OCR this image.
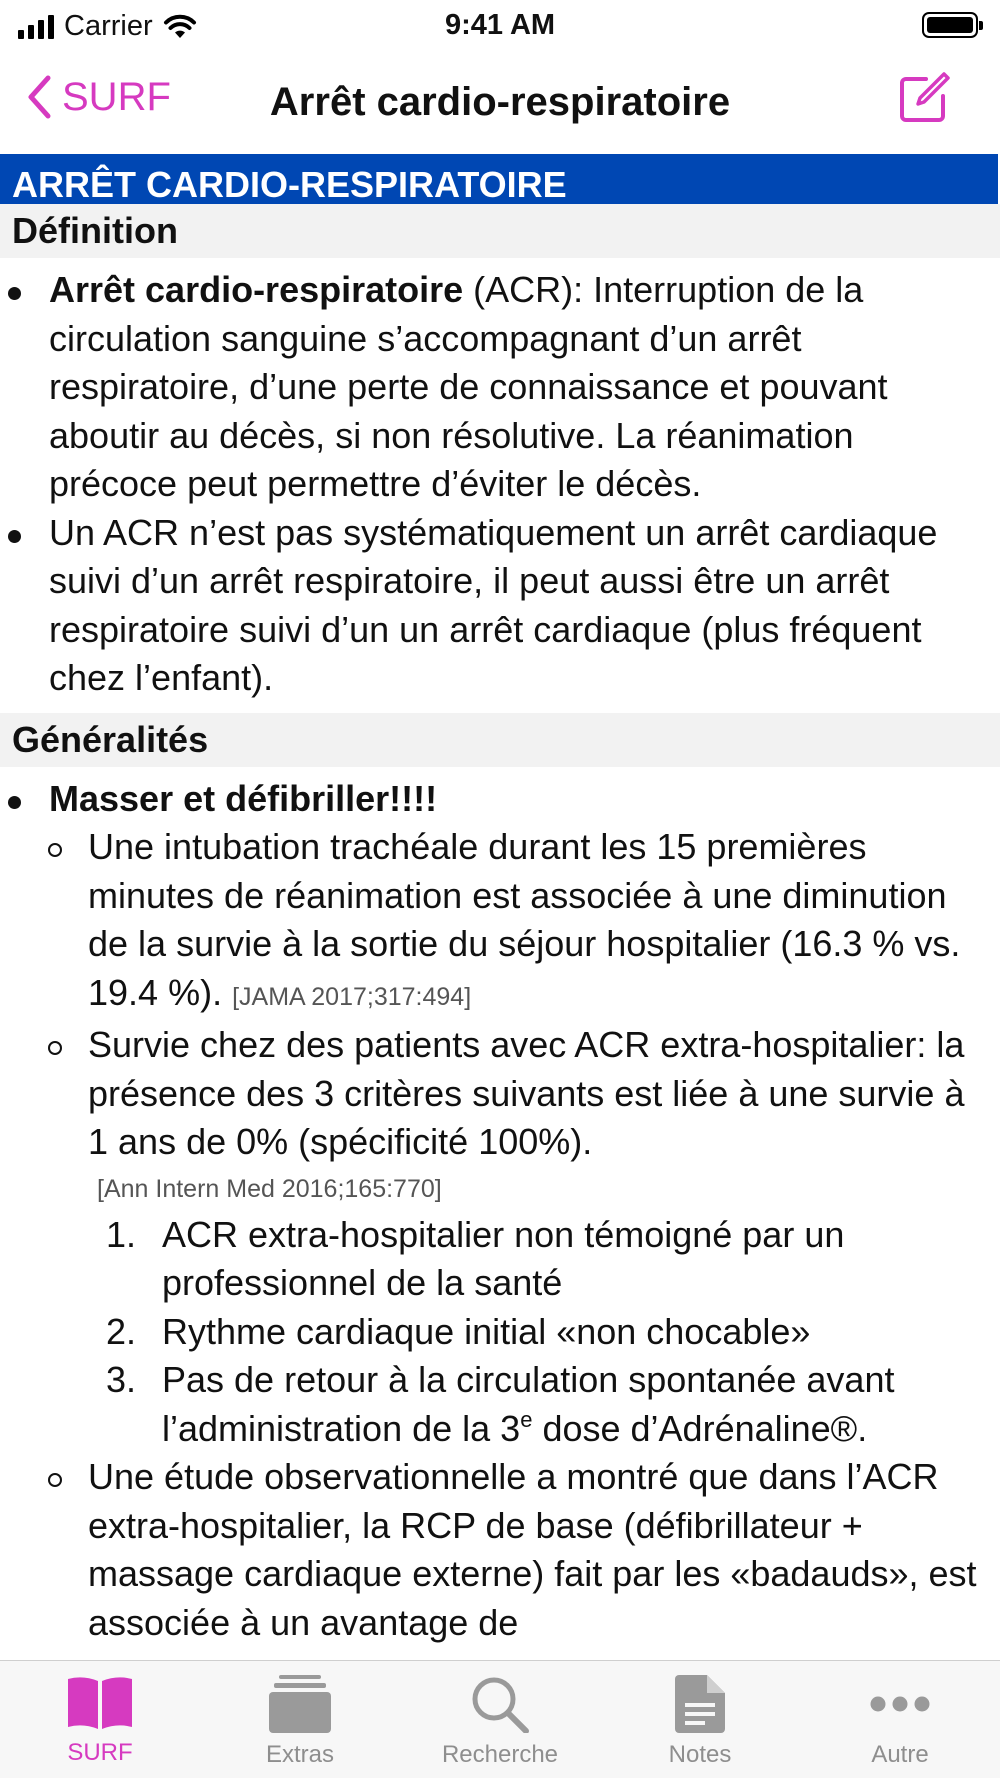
Carrier	9:41 AM
SURF	Arrêt cardio-respiratoire
ARRÊT CARDIO-RESPIRATOIRE
Définition
Arrêt cardio-respiratoire (ACR): Interruption de la circulation sanguine s’accompagnant d’un arrêt respiratoire, d’une perte de connaissance et pouvant aboutir au décès, si non résolutive. La réanimation précoce peut permettre d’éviter le décès.
Un ACR n’est pas systématiquement un arrêt cardiaque suivi d’un arrêt respiratoire, il peut aussi être un arrêt respiratoire suivi d’un un arrêt cardiaque (plus fréquent chez l’enfant).
Généralités
Masser et défibriller!!!!
Une intubation trachéale durant les 15 premières minutes de réanimation est associée à une diminution de la survie à la sortie du séjour hospitalier (16.3 % vs. 19.4 %). [JAMA 2017;317:494]
Survie chez des patients avec ACR extra-hospitalier: la présence des 3 critères suivants est liée à une survie à 1 ans de 0% (spécificité 100%).
[Ann Intern Med 2016;165:770]
1. ACR extra-hospitalier non témoigné par un professionnel de la santé
2. Rythme cardiaque initial «non chocable»
3. Pas de retour à la circulation spontanée avant l’administration de la 3e dose d’Adrénaline®.
Une étude observationnelle a montré que dans l’ACR extra-hospitalier, la RCP de base (défibrillateur + massage cardiaque externe) fait par les «badauds», est associée à un avantage de
SURF	Extras	Recherche	Notes	Autre
